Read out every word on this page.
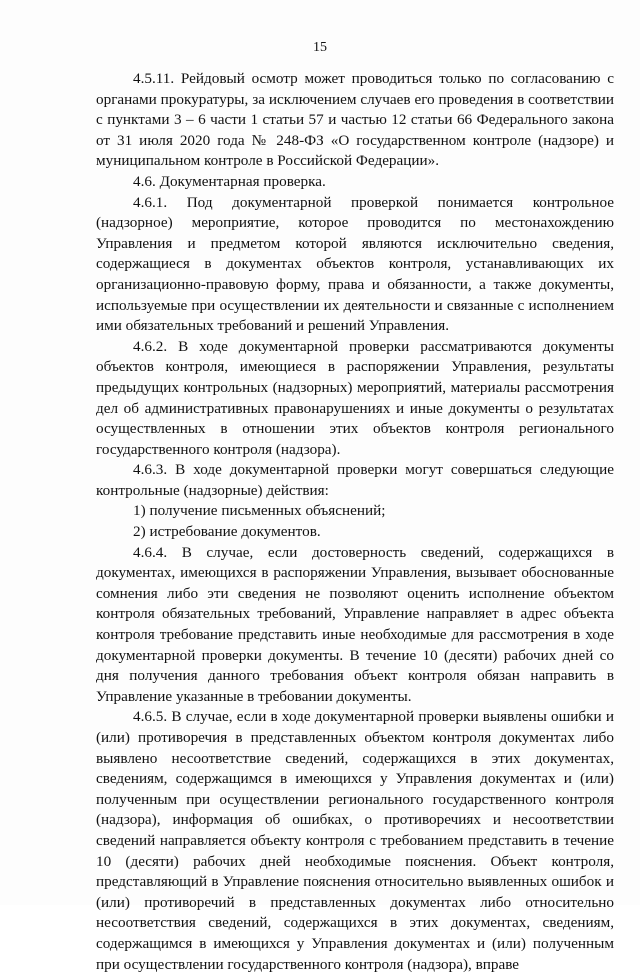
15

4.5.11. Рейдовый осмотр может проводиться только по согласованию с органами прокуратуры, за исключением случаев его проведения в соответствии с пунктами 3 – 6 части 1 статьи 57 и частью 12 статьи 66 Федерального закона от 31 июля 2020 года № 248-ФЗ «О государственном контроле (надзоре) и муниципальном контроле в Российской Федерации».

4.6. Документарная проверка.

4.6.1. Под документарной проверкой понимается контрольное (надзорное) мероприятие, которое проводится по местонахождению Управления и предметом которой являются исключительно сведения, содержащиеся в документах объектов контроля, устанавливающих их организационно-правовую форму, права и обязанности, а также документы, используемые при осуществлении их деятельности и связанные с исполнением ими обязательных требований и решений Управления.

4.6.2. В ходе документарной проверки рассматриваются документы объектов контроля, имеющиеся в распоряжении Управления, результаты предыдущих контрольных (надзорных) мероприятий, материалы рассмотрения дел об административных правонарушениях и иные документы о результатах осуществленных в отношении этих объектов контроля регионального государственного контроля (надзора).

4.6.3. В ходе документарной проверки могут совершаться следующие контрольные (надзорные) действия:

1) получение письменных объяснений;

2) истребование документов.

4.6.4. В случае, если достоверность сведений, содержащихся в документах, имеющихся в распоряжении Управления, вызывает обоснованные сомнения либо эти сведения не позволяют оценить исполнение объектом контроля обязательных требований, Управление направляет в адрес объекта контроля требование представить иные необходимые для рассмотрения в ходе документарной проверки документы. В течение 10 (десяти) рабочих дней со дня получения данного требования объект контроля обязан направить в Управление указанные в требовании документы.

4.6.5. В случае, если в ходе документарной проверки выявлены ошибки и (или) противоречия в представленных объектом контроля документах либо выявлено несоответствие сведений, содержащихся в этих документах, сведениям, содержащимся в имеющихся у Управления документах и (или) полученным при осуществлении регионального государственного контроля (надзора), информация об ошибках, о противоречиях и несоответствии сведений направляется объекту контроля с требованием представить в течение 10 (десяти) рабочих дней необходимые пояснения. Объект контроля, представляющий в Управление пояснения относительно выявленных ошибок и (или) противоречий в представленных документах либо относительно несоответствия сведений, содержащихся в этих документах, сведениям, содержащимся в имеющихся у Управления документах и (или) полученным при осуществлении государственного контроля (надзора), вправе
